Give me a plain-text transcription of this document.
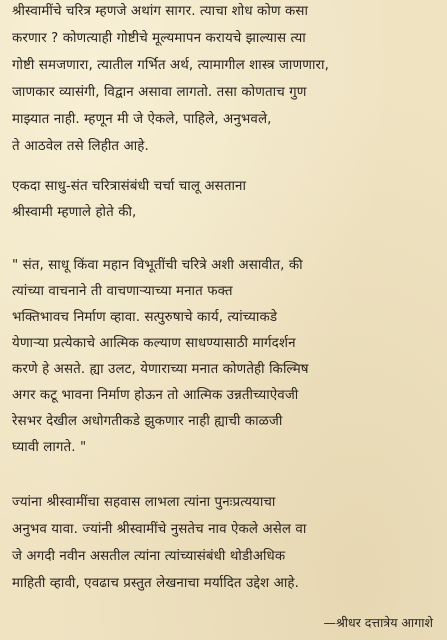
श्रीस्वामींचे चरित्र म्हणजे अथांग सागर. त्याचा शोध कोण कसा
करणार ? कोणत्याही गोष्टीचे मूल्यमापन करायचे झाल्यास त्या
गोष्टी समजणारा, त्यातील गर्भित अर्थ, त्यामागील शास्त्र जाणणारा,
जाणकार व्यासंगी, विद्वान असावा लागतो. तसा कोणताच गुण
माझ्यात नाही. म्हणून मी जे ऐकले, पाहिले, अनुभवले,
ते आठवेल तसे लिहीत आहे.
एकदा साधु-संत चरित्रासंबंधी चर्चा चालू असताना
श्रीस्वामी म्हणाले होते की,
" संत, साधू किंवा महान विभूतींची चरित्रे अशी असावीत, की
त्यांच्या वाचनाने ती वाचणाऱ्याच्या मनात फक्त
भक्तिभावच निर्माण व्हावा. सत्पुरुषाचे कार्य, त्यांच्याकडे
येणाऱ्या प्रत्येकाचे आत्मिक कल्याण साधण्यासाठी मार्गदर्शन
करणे हे असते. ह्या उलट, येणाराच्या मनात कोणतेही किल्मिष
अगर कटू भावना निर्माण होऊन तो आत्मिक उन्नतीच्याऐवजी
रेसभर देखील अधोगतीकडे झुकणार नाही ह्याची काळजी
घ्यावी लागते. "
ज्यांना श्रीस्वामींचा सहवास लाभला त्यांना पुनःप्रत्ययाचा
अनुभव यावा. ज्यांनी श्रीस्वामींचे नुसतेच नाव ऐकले असेल वा
जे अगदी नवीन असतील त्यांना त्यांच्यासंबंधी थोडीअधिक
माहिती व्हावी, एवढाच प्रस्तुत लेखनाचा मर्यादित उद्देश आहे.
—श्रीधर दत्तात्रेय आगाशे
